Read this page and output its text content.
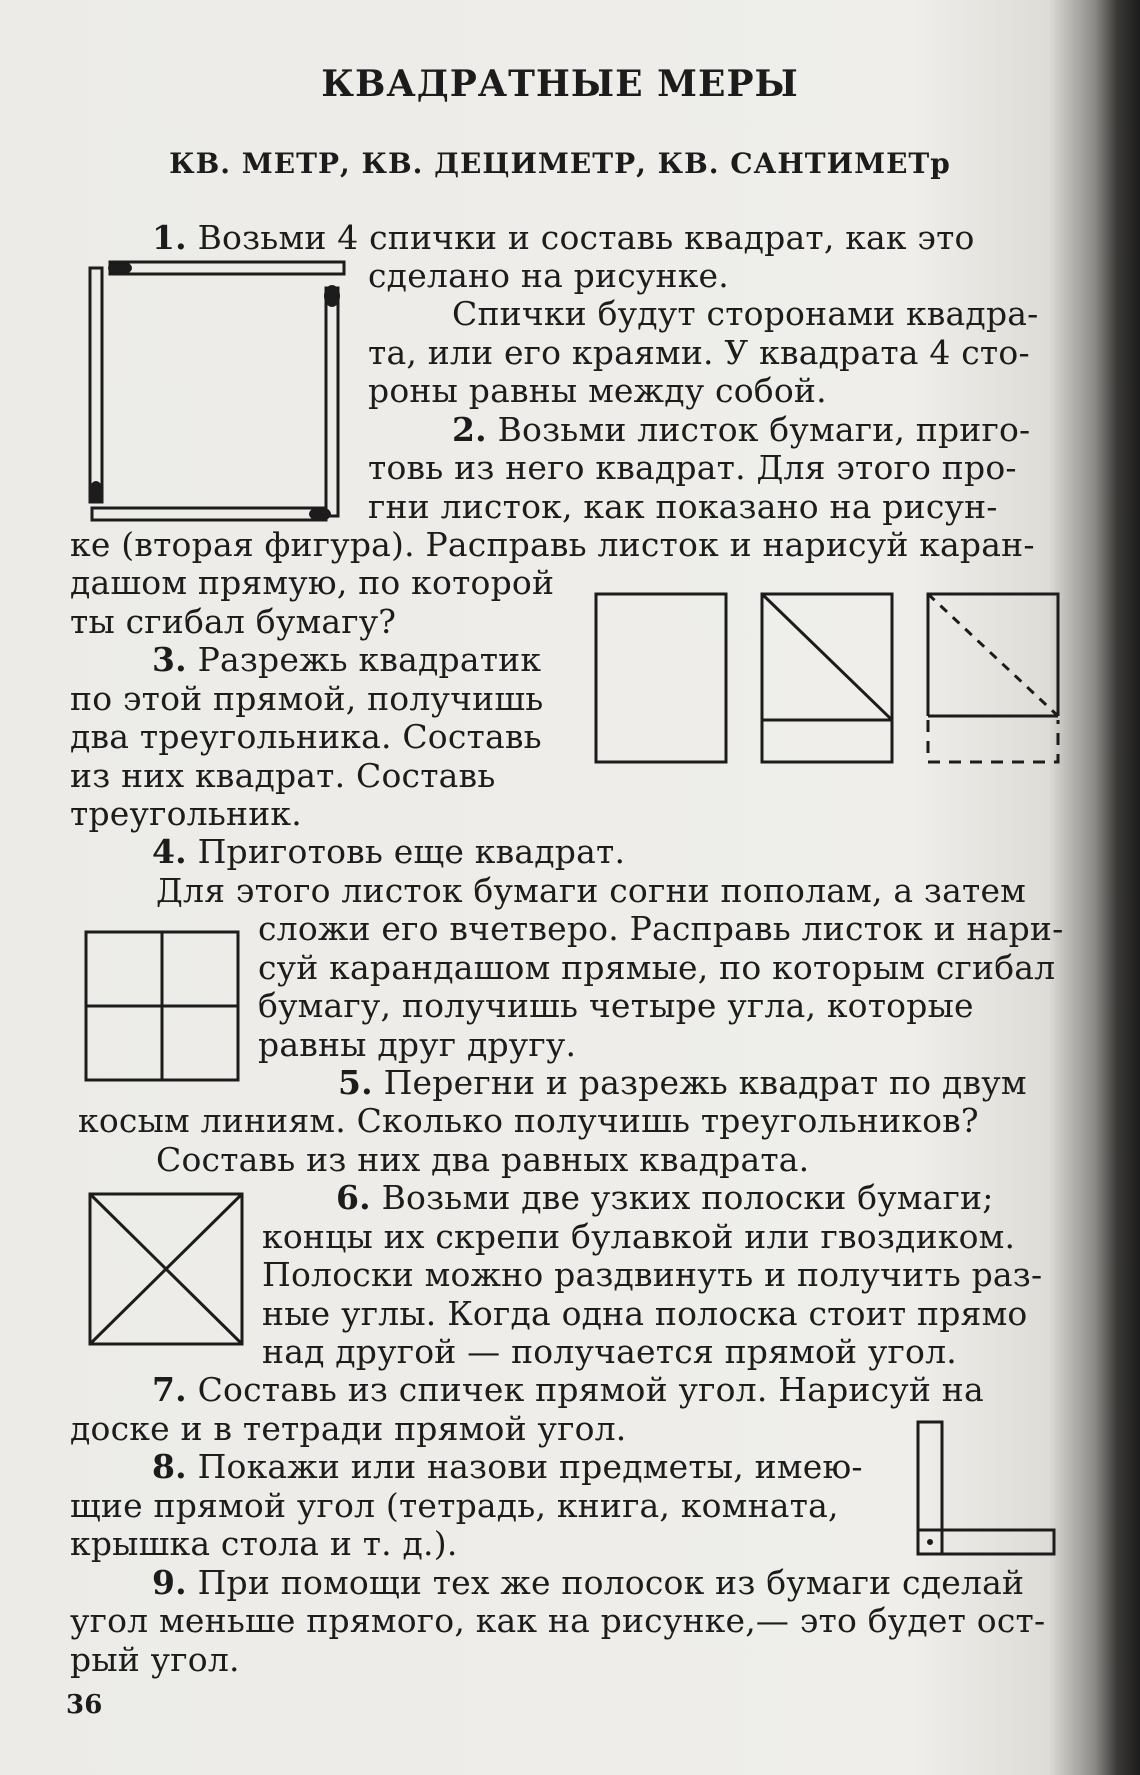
КВАДРАТНЫЕ МЕРЫ
КВ. МЕТР, КВ. ДЕЦИМЕТР, КВ. САНТИМЕТр
1. Возьми 4 спички и составь квадрат, как это
сделано на рисунке.
Спички будут сторонами квадра-
та, или его краями. У квадрата 4 сто-
роны равны между собой.
2. Возьми листок бумаги, приго-
товь из него квадрат. Для этого про-
гни листок, как показано на рисун-
ке (вторая фигура). Расправь листок и нарисуй каран-
дашом прямую, по которой
ты сгибал бумагу?
3. Разрежь квадратик
по этой прямой, получишь
два треугольника. Составь
из них квадрат. Составь
треугольник.
4. Приготовь еще квадрат.
Для этого листок бумаги согни пополам, а затем
сложи его вчетверо. Расправь листок и нари-
суй карандашом прямые, по которым сгибал
бумагу, получишь четыре угла, которые
равны друг другу.
5. Перегни и разрежь квадрат по двум
косым линиям. Сколько получишь треугольников?
Составь из них два равных квадрата.
6. Возьми две узких полоски бумаги;
концы их скрепи булавкой или гвоздиком.
Полоски можно раздвинуть и получить раз-
ные углы. Когда одна полоска стоит прямо
над другой — получается прямой угол.
7. Составь из спичек прямой угол. Нарисуй на
доске и в тетради прямой угол.
8. Покажи или назови предметы, имею-
щие прямой угол (тетрадь, книга, комната,
крышка стола и т. д.).
9. При помощи тех же полосок из бумаги сделай
угол меньше прямого, как на рисунке,— это будет ост-
рый угол.
36
